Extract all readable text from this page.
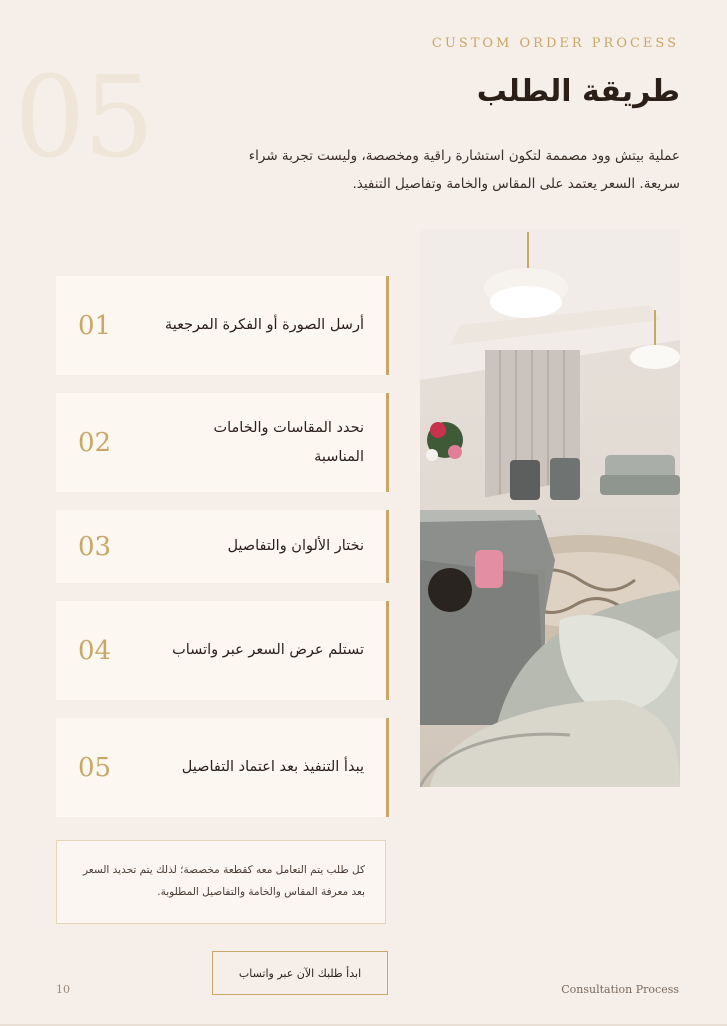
05
CUSTOM ORDER PROCESS
طريقة الطلب
عملية بيتش وود مصممة لتكون استشارة راقية ومخصصة، وليست تجربة شراء سريعة. السعر يعتمد على المقاس والخامة وتفاصيل التنفيذ.
01	أرسل الصورة أو الفكرة المرجعية
02	نحدد المقاسات والخامات المناسبة
03	نختار الألوان والتفاصيل
04	تستلم عرض السعر عبر واتساب
05	يبدأ التنفيذ بعد اعتماد التفاصيل
كل طلب يتم التعامل معه كقطعة مخصصة؛ لذلك يتم تحديد السعر بعد معرفة المقاس والخامة والتفاصيل المطلوبة.
ابدأ طلبك الآن عبر واتساب
10	Consultation Process
